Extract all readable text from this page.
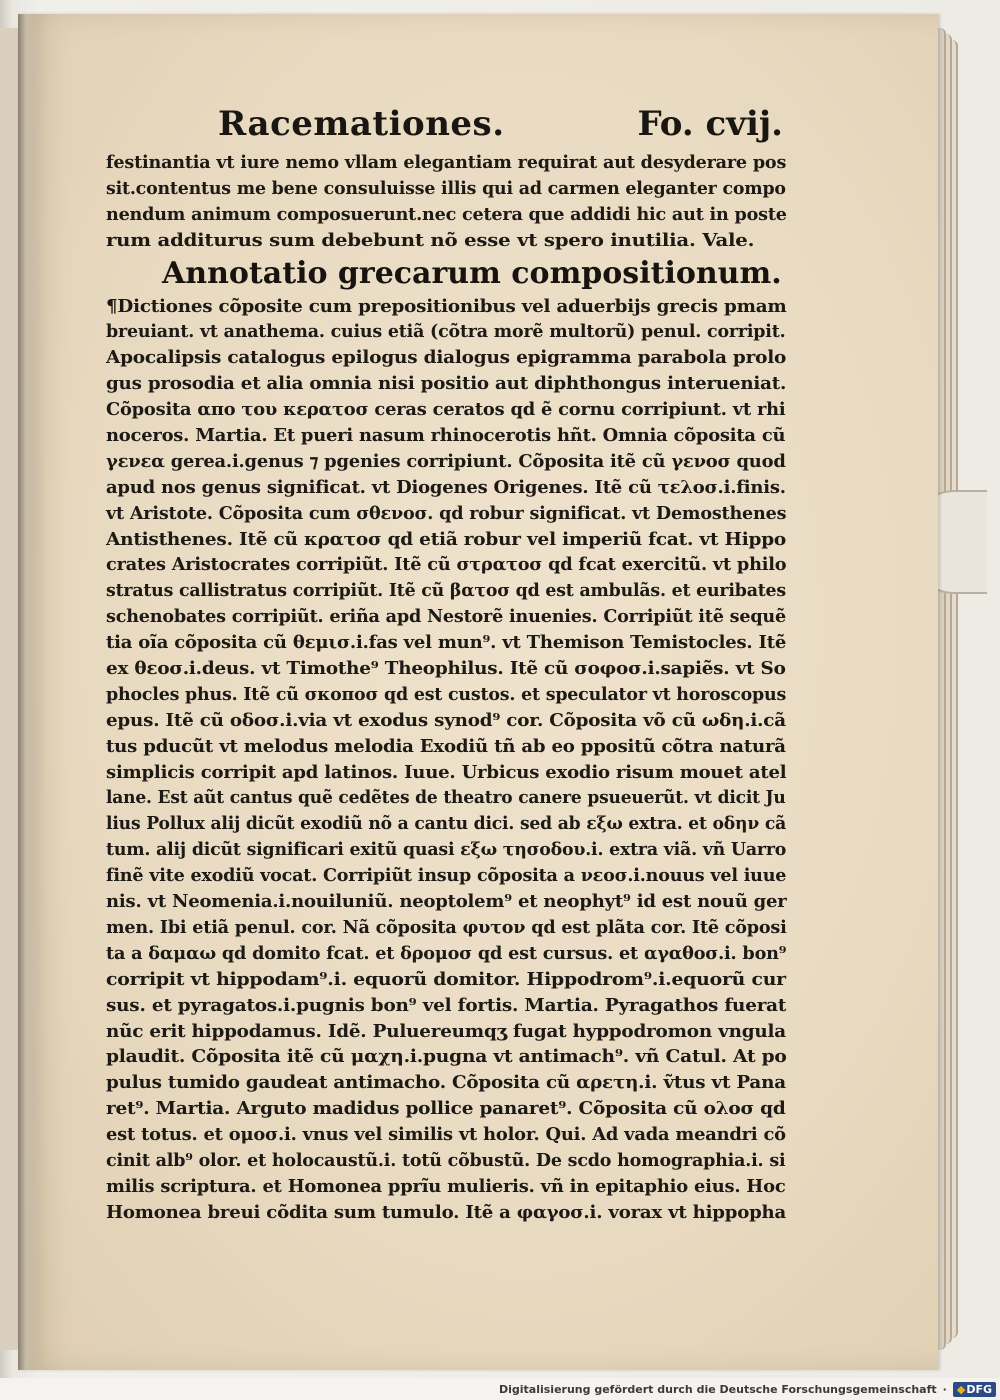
Racemationes.	Fo. cvij.
festinantia vt iure nemo vllam elegantiam requirat aut desyderare pos
sit.contentus me bene consuluisse illis qui ad carmen eleganter compo
nendum animum composuerunt.nec cetera que addidi hic aut in poste
rum additurus sum debebunt nõ esse vt spero inutilia. Vale.
Annotatio grecarum compositionum.
¶Dictiones cõposite cum prepositionibus vel aduerbijs grecis pmam
breuiant. vt anathema. cuius etiã (cõtra morẽ multorũ) penul. corripit.
Apocalipsis catalogus epilogus dialogus epigramma parabola prolo
gus prosodia et alia omnia nisi positio aut diphthongus interueniat.
Cõposita απο του κερατοσ ceras ceratos qd ẽ cornu corripiunt. vt rhi
noceros. Martia. Et pueri nasum rhinocerotis hñt. Omnia cõposita cũ
γενεα gerea.i.genus ⁊ pgenies corripiunt. Cõposita itẽ cũ γενοσ quod
apud nos genus significat. vt Diogenes Origenes. Itẽ cũ τελοσ.i.finis.
vt Aristote. Cõposita cum σθενοσ. qd robur significat. vt Demosthenes
Antisthenes. Itẽ cũ κρατοσ qd etiã robur vel imperiũ fcat. vt Hippo
crates Aristocrates corripiũt. Itẽ cũ στρατοσ qd fcat exercitũ. vt philo
stratus callistratus corripiũt. Itẽ cũ βατοσ qd est ambulãs. et euribates
schenobates corripiũt. eriña apd Nestorẽ inuenies. Corripiũt itẽ sequẽ
tia oĩa cõposita cũ θεμισ.i.fas vel mun⁹. vt Themison Temistocles. Itẽ
ex θεοσ.i.deus. vt Timothe⁹ Theophilus. Itẽ cũ σοφοσ.i.sapiẽs. vt So
phocles phus. Itẽ cũ σκοποσ qd est custos. et speculator vt horoscopus
epus. Itẽ cũ οδοσ.i.via vt exodus synod⁹ cor. Cõposita võ cũ ωδη.i.cã
tus pducũt vt melodus melodia Exodiũ tñ ab eo ppositũ cõtra naturã
simplicis corripit apd latinos. Iuue. Urbicus exodio risum mouet atel
lane. Est aũt cantus quẽ cedẽtes de theatro canere psueuerũt. vt dicit Ju
lius Pollux alij dicũt exodiũ nõ a cantu dici. sed ab εξω extra. et οδην cã
tum. alij dicũt significari exitũ quasi εξω τησοδου.i. extra viã. vñ Uarro
finẽ vite exodiũ vocat. Corripiũt insup cõposita a νεοσ.i.nouus vel iuue
nis. vt Neomenia.i.nouiluniũ. neoptolem⁹ et neophyt⁹ id est nouũ ger
men. Ibi etiã penul. cor. Nã cõposita φυτον qd est plãta cor. Itẽ cõposi
ta a δαμαω qd domito fcat. et δρομοσ qd est cursus. et αγαθοσ.i. bon⁹
corripit vt hippodam⁹.i. equorũ domitor. Hippodrom⁹.i.equorũ cur
sus. et pyragatos.i.pugnis bon⁹ vel fortis. Martia. Pyragathos fuerat
nũc erit hippodamus. Idẽ. Puluereumqʒ fugat hyppodromon vngula
plaudit. Cõposita itẽ cũ μαχη.i.pugna vt antimach⁹. vñ Catul. At po
pulus tumido gaudeat antimacho. Cõposita cũ αρετη.i. ṽtus vt Pana
ret⁹. Martia. Arguto madidus pollice panaret⁹. Cõposita cũ ολοσ qd
est totus. et ομοσ.i. vnus vel similis vt holor. Qui. Ad vada meandri cõ
cinit alb⁹ olor. et holocaustũ.i. totũ cõbustũ. De scdo homographia.i. si
milis scriptura. et Homonea pprĩu mulieris. vñ in epitaphio eius. Hoc
Homonea breui cõdita sum tumulo. Itẽ a φαγοσ.i. vorax vt hippopha
Digitalisierung gefördert durch die Deutsche Forschungsgemeinschaft · ◆ DFG
